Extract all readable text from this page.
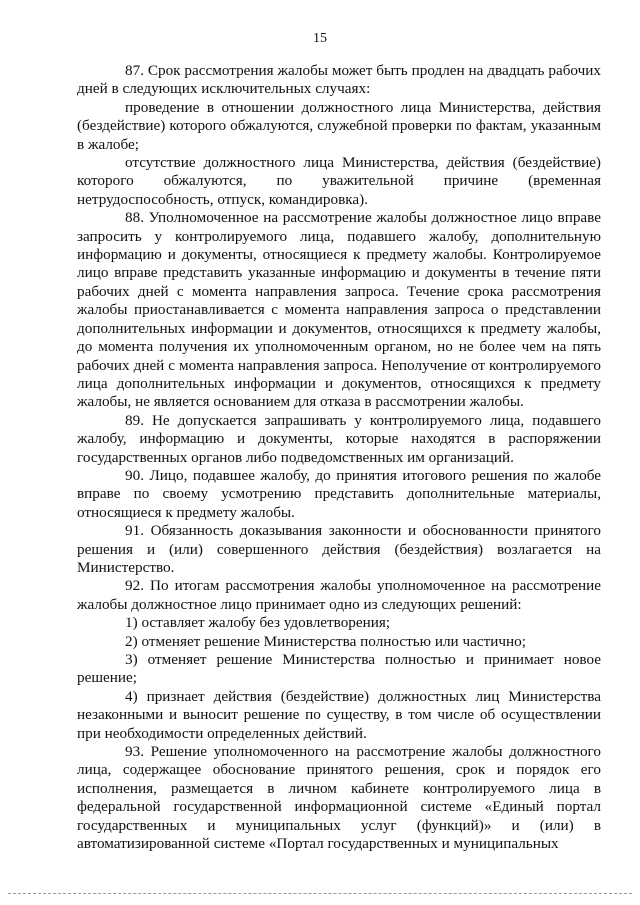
15

87. Срок рассмотрения жалобы может быть продлен на двадцать рабочих дней в следующих исключительных случаях:

проведение в отношении должностного лица Министерства, действия (бездействие) которого обжалуются, служебной проверки по фактам, указанным в жалобе;

отсутствие должностного лица Министерства, действия (бездействие) которого обжалуются, по уважительной причине (временная нетрудоспособность, отпуск, командировка).

88. Уполномоченное на рассмотрение жалобы должностное лицо вправе запросить у контролируемого лица, подавшего жалобу, дополнительную информацию и документы, относящиеся к предмету жалобы. Контролируемое лицо вправе представить указанные информацию и документы в течение пяти рабочих дней с момента направления запроса. Течение срока рассмотрения жалобы приостанавливается с момента направления запроса о представлении дополнительных информации и документов, относящихся к предмету жалобы, до момента получения их уполномоченным органом, но не более чем на пять рабочих дней с момента направления запроса. Неполучение от контролируемого лица дополнительных информации и документов, относящихся к предмету жалобы, не является основанием для отказа в рассмотрении жалобы.

89. Не допускается запрашивать у контролируемого лица, подавшего жалобу, информацию и документы, которые находятся в распоряжении государственных органов либо подведомственных им организаций.

90. Лицо, подавшее жалобу, до принятия итогового решения по жалобе вправе по своему усмотрению представить дополнительные материалы, относящиеся к предмету жалобы.

91. Обязанность доказывания законности и обоснованности принятого решения и (или) совершенного действия (бездействия) возлагается на Министерство.

92. По итогам рассмотрения жалобы уполномоченное на рассмотрение жалобы должностное лицо принимает одно из следующих решений:

1) оставляет жалобу без удовлетворения;

2) отменяет решение Министерства полностью или частично;

3) отменяет решение Министерства полностью и принимает новое решение;

4) признает действия (бездействие) должностных лиц Министерства незаконными и выносит решение по существу, в том числе об осуществлении при необходимости определенных действий.

93. Решение уполномоченного на рассмотрение жалобы должностного лица, содержащее обоснование принятого решения, срок и порядок его исполнения, размещается в личном кабинете контролируемого лица в федеральной государственной информационной системе «Единый портал государственных и муниципальных услуг (функций)» и (или) в автоматизированной системе «Портал государственных и муниципальных
